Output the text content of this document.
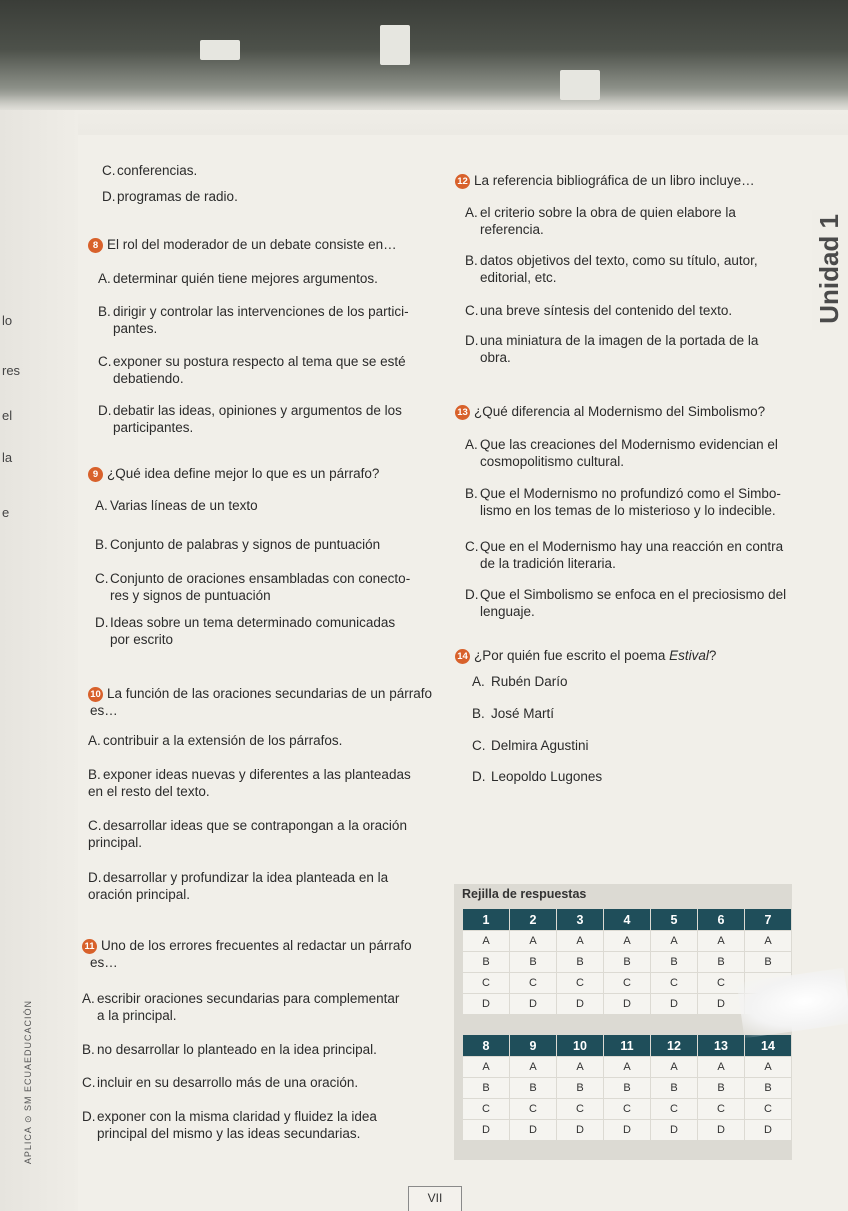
lo
res
el
la
e
APLICA ⊙ SM ECUAEDUCACIÓN
Unidad 1
C. conferencias.
D. programas de radio.
8 El rol del moderador de un debate consiste en…
A. determinar quién tiene mejores argumentos.
B. dirigir y controlar las intervenciones de los partici-
pantes.
C. exponer su postura respecto al tema que se esté
debatiendo.
D. debatir las ideas, opiniones y argumentos de los
participantes.
9 ¿Qué idea define mejor lo que es un párrafo?
A. Varias líneas de un texto
B. Conjunto de palabras y signos de puntuación
C. Conjunto de oraciones ensambladas con conecto-
res y signos de puntuación
D. Ideas sobre un tema determinado comunicadas
por escrito
10 La función de las oraciones secundarias de un párrafo
es…
A. contribuir a la extensión de los párrafos.
B. exponer ideas nuevas y diferentes a las planteadas
en el resto del texto.
C. desarrollar ideas que se contrapongan a la oración
principal.
D. desarrollar y profundizar la idea planteada en la
oración principal.
11 Uno de los errores frecuentes al redactar un párrafo
es…
A. escribir oraciones secundarias para complementar
a la principal.
B. no desarrollar lo planteado en la idea principal.
C. incluir en su desarrollo más de una oración.
D. exponer con la misma claridad y fluidez la idea
principal del mismo y las ideas secundarias.
12 La referencia bibliográfica de un libro incluye…
A. el criterio sobre la obra de quien elabore la
referencia.
B. datos objetivos del texto, como su título, autor,
editorial, etc.
C. una breve síntesis del contenido del texto.
D. una miniatura de la imagen de la portada de la
obra.
13 ¿Qué diferencia al Modernismo del Simbolismo?
A. Que las creaciones del Modernismo evidencian el
cosmopolitismo cultural.
B. Que el Modernismo no profundizó como el Simbo-
lismo en los temas de lo misterioso y lo indecible.
C. Que en el Modernismo hay una reacción en contra
de la tradición literaria.
D. Que el Simbolismo se enfoca en el preciosismo del
lenguaje.
14 ¿Por quién fue escrito el poema Estival?
A. Rubén Darío
B. José Martí
C. Delmira Agustini
D. Leopoldo Lugones
Rejilla de respuestas
1	2	3	4	5	6	7
A	A	A	A	A	A	A
B	B	B	B	B	B	B
C	C	C	C	C	C	
D	D	D	D	D	D	
8	9	10	11	12	13	14
A	A	A	A	A	A	A
B	B	B	B	B	B	B
C	C	C	C	C	C	C
D	D	D	D	D	D	D
VII
